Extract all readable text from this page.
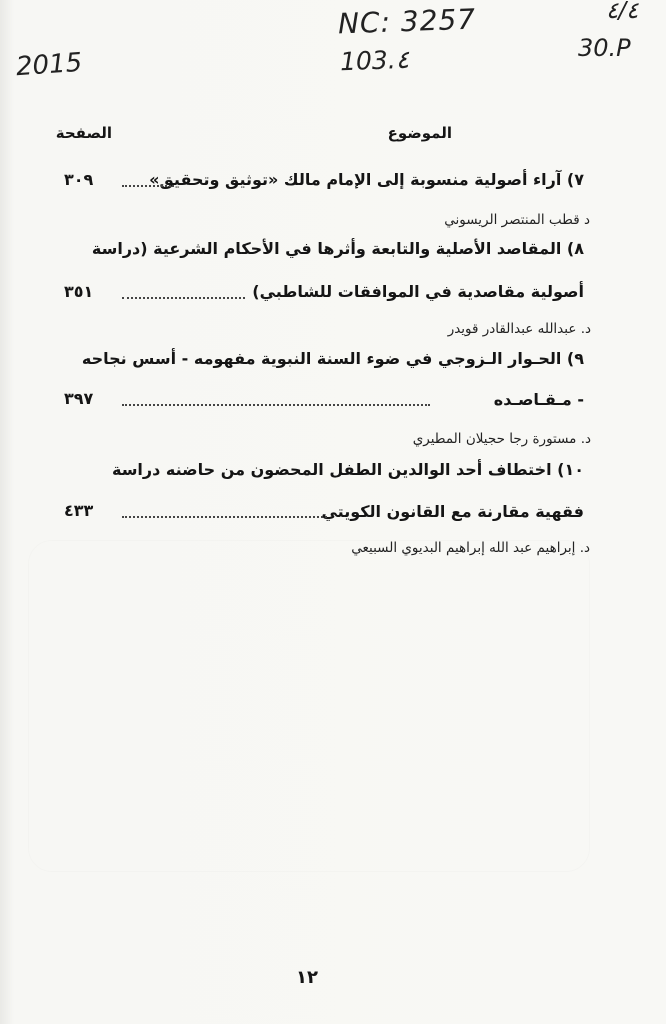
NC: 3257
103.٤
2015
٤/٤
30.P
الموضوع
الصفحة
٧) آراء أصولية منسوبة إلى الإمام مالك «توثيق وتحقيق»
٣٠٩
د قطب المنتصر الريسوني
٨) المقاصد الأصلية والتابعة وأثرها في الأحكام الشرعية (دراسة
أصولية مقاصدية في الموافقات للشاطبي)
٣٥١
د. عبدالله عبدالقادر قويدر
٩) الحـوار الـزوجي في ضوء السنة النبوية مفهومه - أسس نجاحه
- مـقـاصـده
٣٩٧
د. مستورة رجا حجيلان المطيري
١٠) اختطاف أحد الوالدين الطفل المحضون من حاضنه دراسة
فقهية مقارنة مع القانون الكويتي
٤٣٣
د. إبراهيم عبد الله إبراهيم البديوي السبيعي
١٢
